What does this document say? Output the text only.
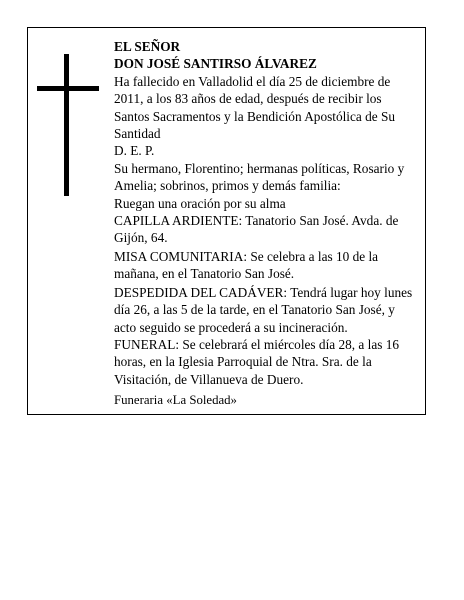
EL SEÑOR

DON JOSÉ SANTIRSO ÁLVAREZ

Ha fallecido en Valladolid el día 25 de diciembre de 2011, a los 83 años de edad, después de recibir los Santos Sacramentos y la Bendición Apostólica de Su Santidad

D. E. P.

Su hermano, Florentino; hermanas políticas, Rosario y Amelia; sobrinos, primos y demás familia:

Ruegan una oración por su alma

CAPILLA ARDIENTE: Tanatorio San José. Avda. de Gijón, 64.

MISA COMUNITARIA: Se celebra a las 10 de la mañana, en el Tanatorio San José.

DESPEDIDA DEL CADÁVER: Tendrá lugar hoy lunes día 26, a las 5 de la tarde, en el Tanatorio San José, y acto seguido se procederá a su incineración.

FUNERAL: Se celebrará el miércoles día 28, a las 16 horas, en la Iglesia Parroquial de Ntra. Sra. de la Visitación, de Villanueva de Duero.

Funeraria «La Soledad»
